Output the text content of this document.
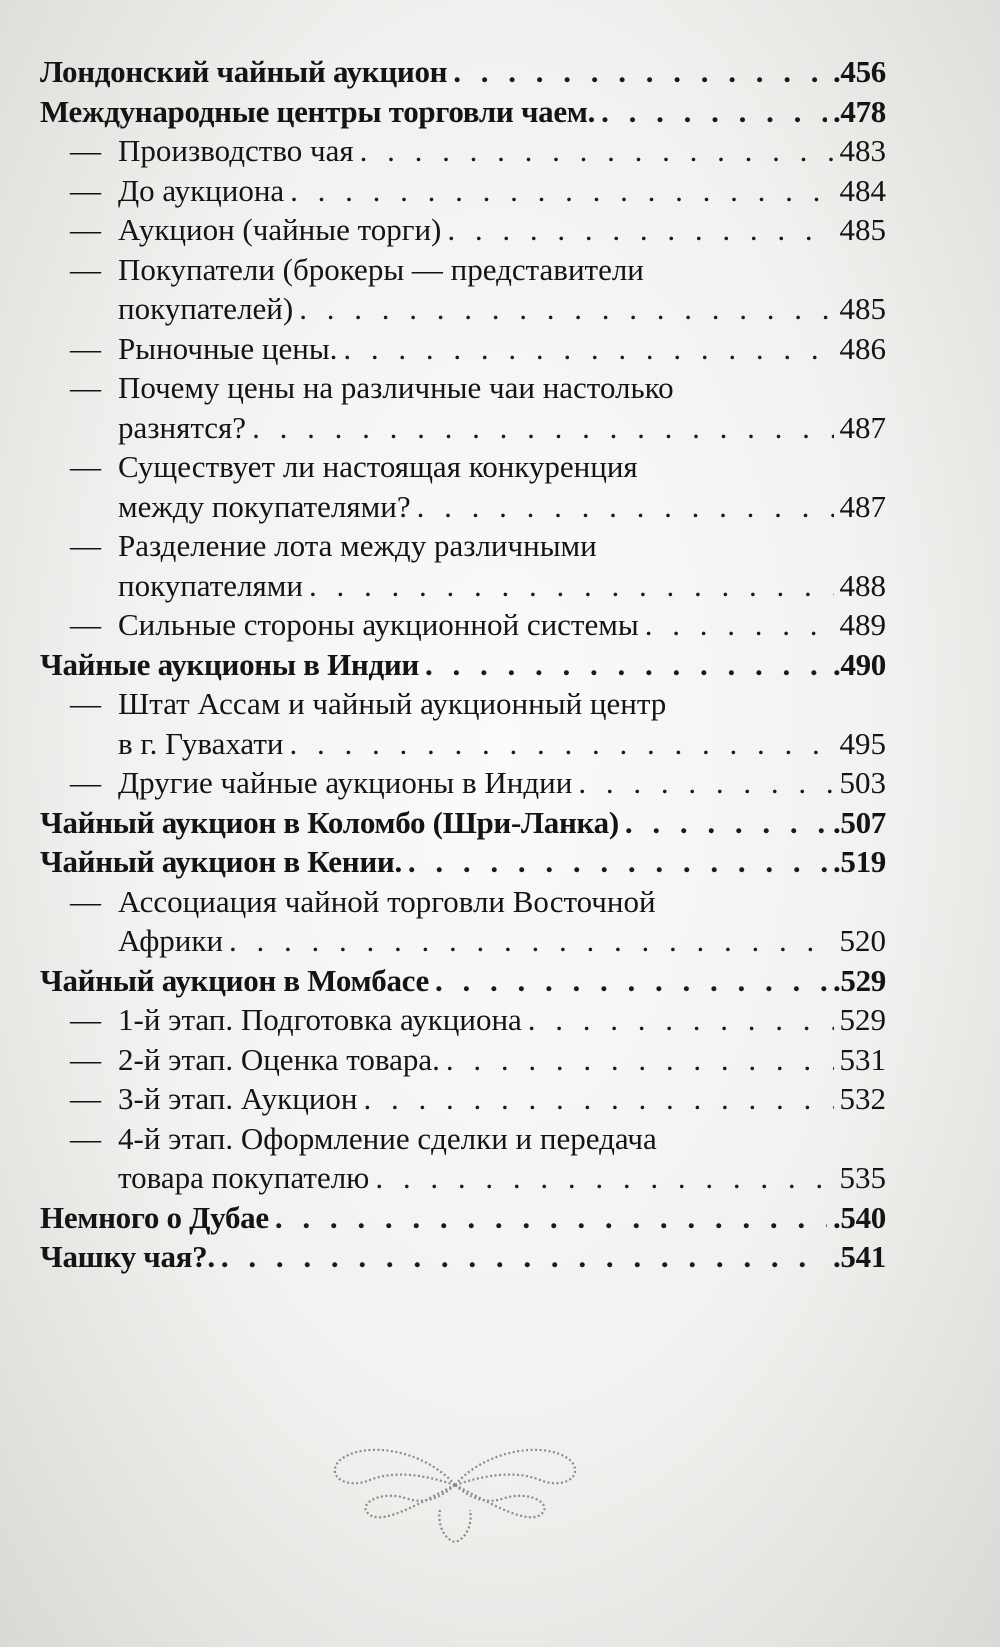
Лондонский чайный аукцион . . .	.456
Международные центры торговли чаем. . . .	.478
— Производство чая . . .	483
— До аукциона . . .	484
— Аукцион (чайные торги) . . .	485
— Покупатели (брокеры — представители
покупателей) . . .	485
— Рыночные цены. . . .	486
— Почему цены на различные чаи настолько
разнятся? . . .	487
— Существует ли настоящая конкуренция
между покупателями? . . .	487
— Разделение лота между различными
покупателями . . .	488
— Сильные стороны аукционной системы . . .	489
Чайные аукционы в Индии . . .	.490
— Штат Ассам и чайный аукционный центр
в г. Гувахати . . .	495
— Другие чайные аукционы в Индии . . .	503
Чайный аукцион в Коломбо (Шри-Ланка) . . .	.507
Чайный аукцион в Кении. . . .	.519
— Ассоциация чайной торговли Восточной
Африки . . .	520
Чайный аукцион в Момбасе . . .	.529
— 1-й этап. Подготовка аукциона . . .	529
— 2-й этап. Оценка товара. . . .	531
— 3-й этап. Аукцион . . .	532
— 4-й этап. Оформление сделки и передача
товара покупателю . . .	535
Немного о Дубае . . .	.540
Чашку чая?. . . .	.541
